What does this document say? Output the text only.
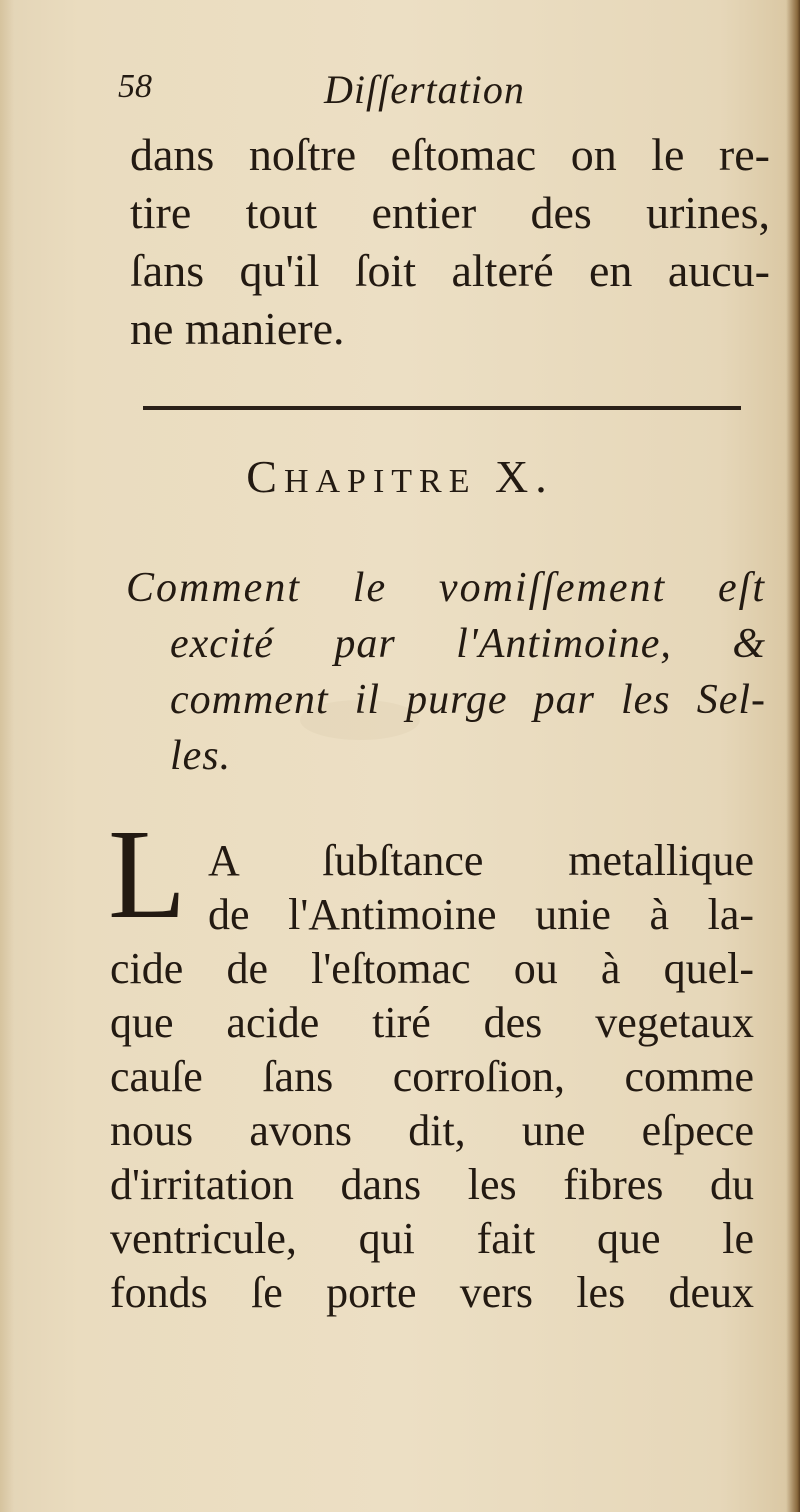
58	Diſſertation
dans noſtre eſtomac on le re-
tire tout entier des urines,
ſans qu'il ſoit alteré en aucu-
ne maniere.
CHAPITRE X.
Comment le vomiſſement eſt
excité par l'Antimoine, &
comment il purge par les Sel-
les.
L A ſubſtance metallique
de l'Antimoine unie à la-
cide de l'eſtomac ou à quel-
que acide tiré des vegetaux
cauſe ſans corroſion, comme
nous avons dit, une eſpece
d'irritation dans les fibres du
ventricule, qui fait que le
fonds ſe porte vers les deux
